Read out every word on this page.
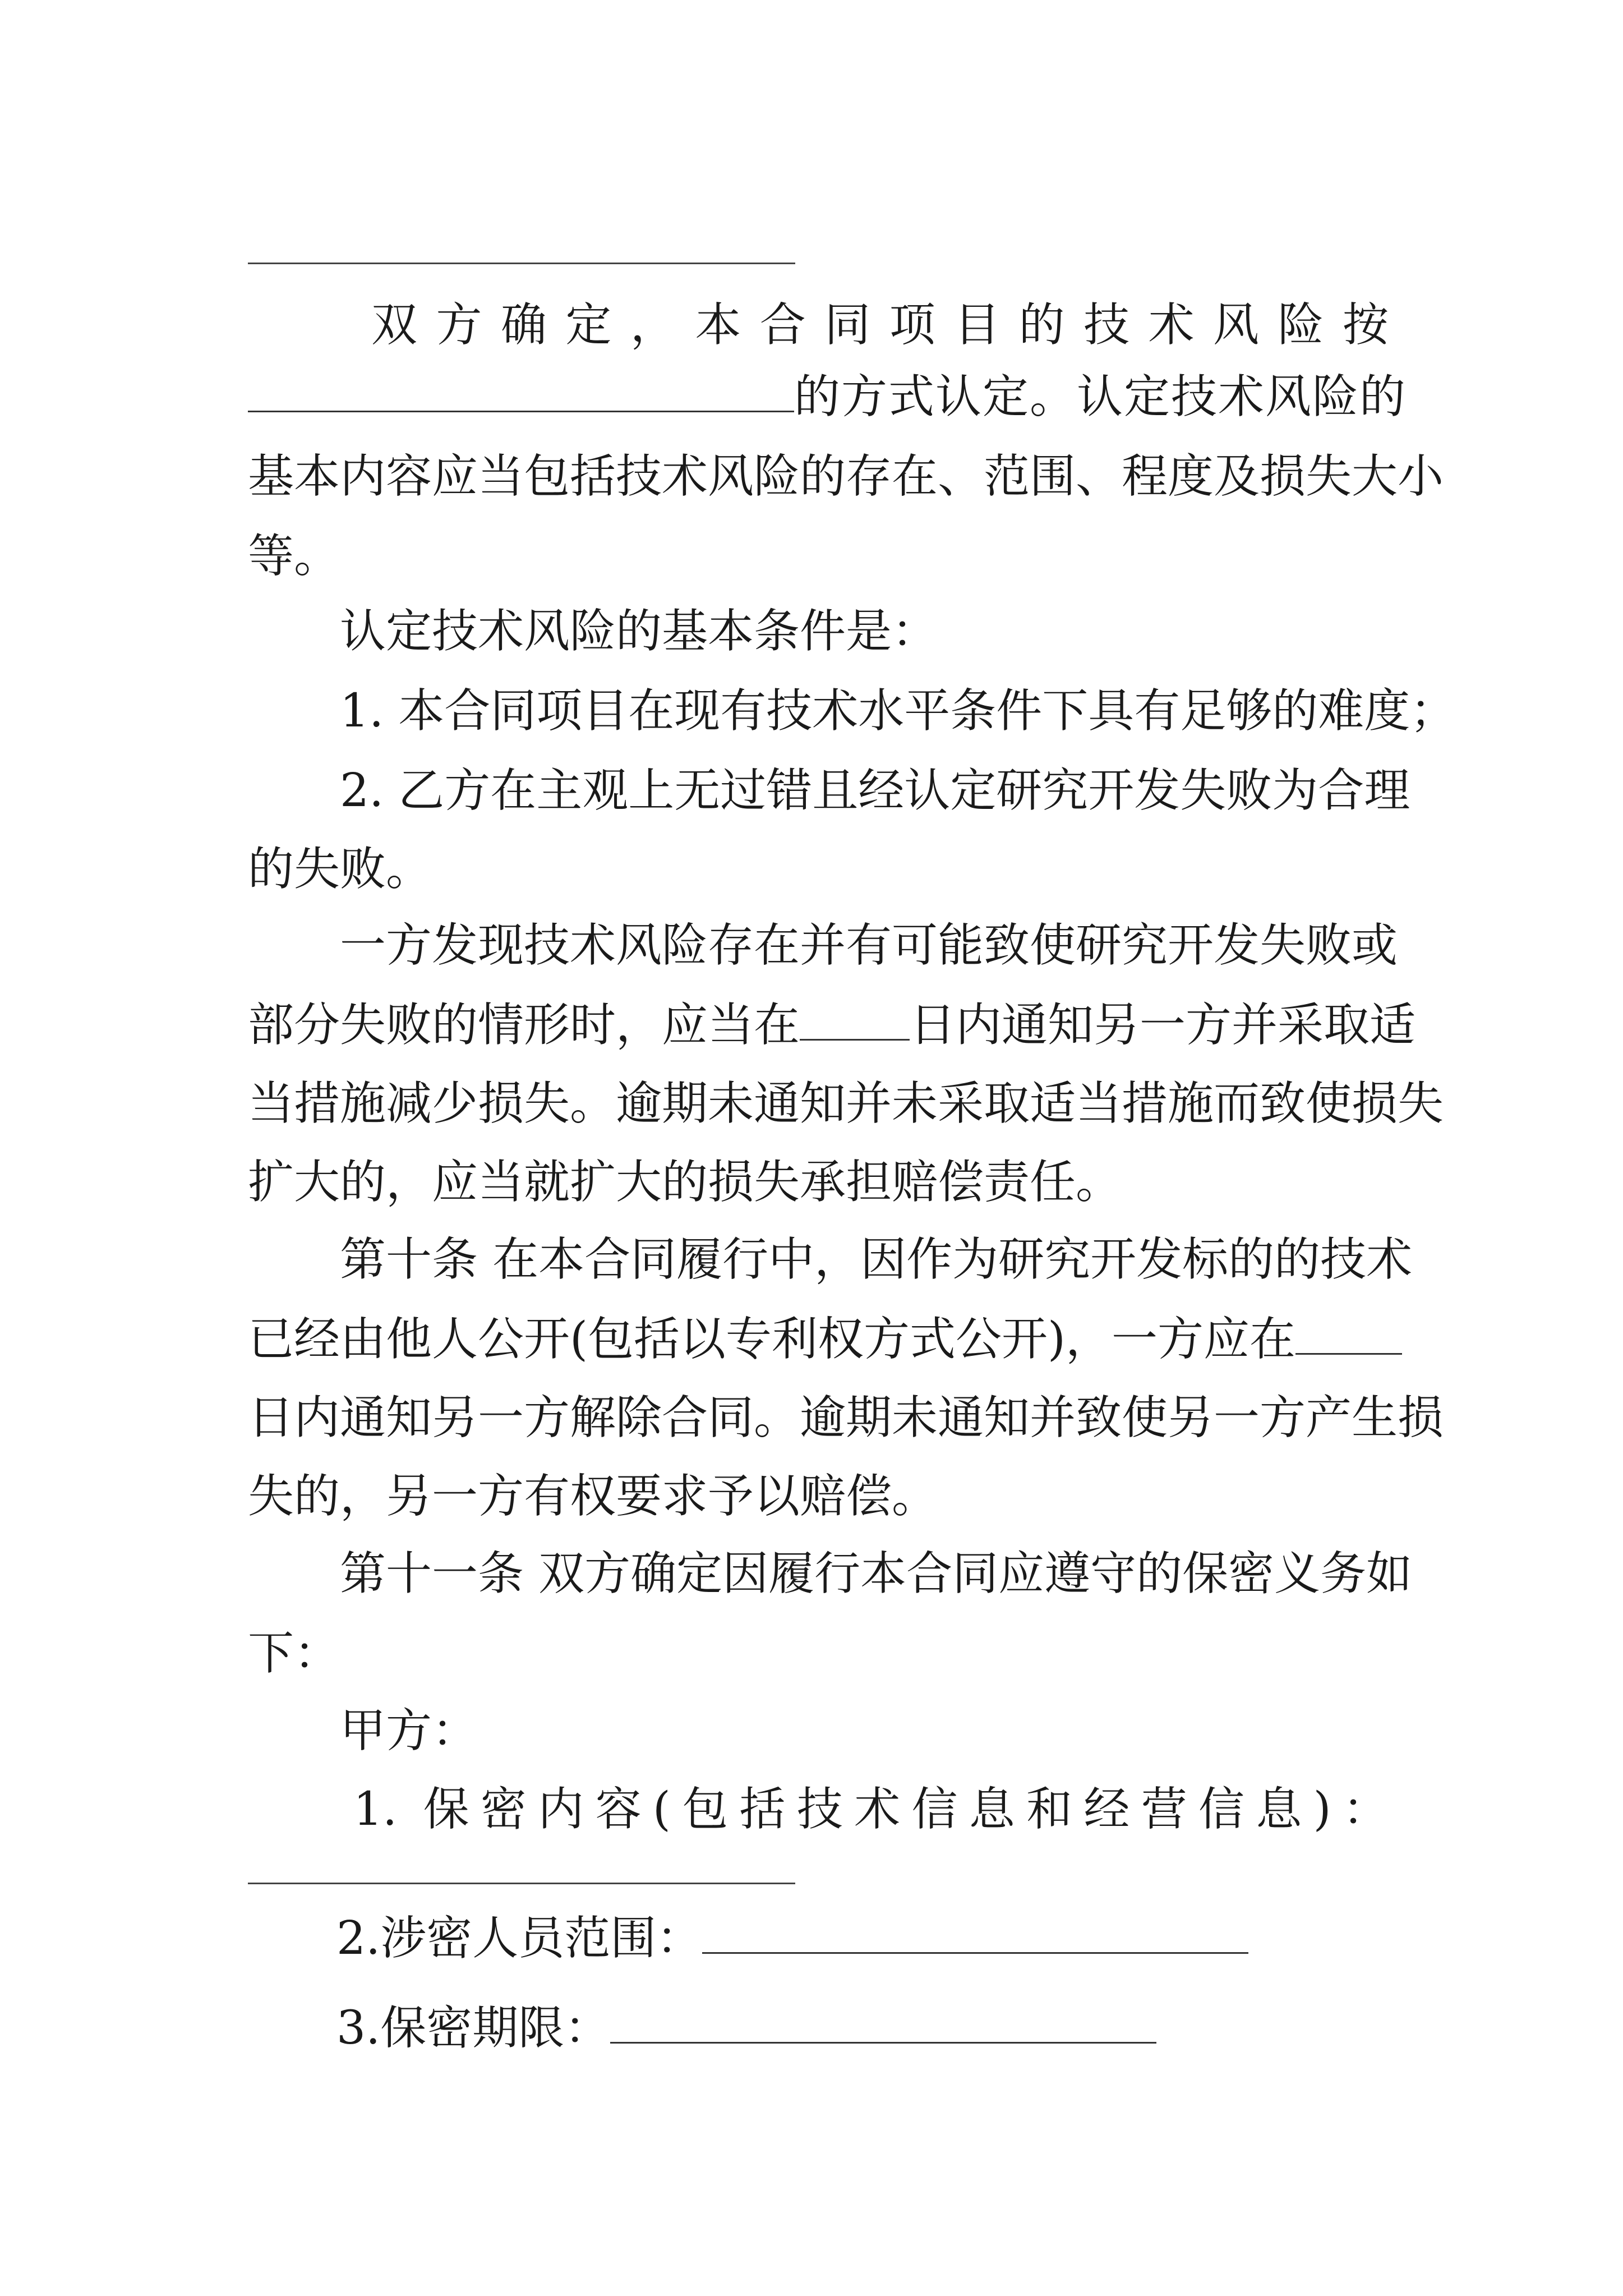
双方确定，本合同项目的技术风险按
的方式认定。认定技术风险的
基本内容应当包括技术风险的存在、范围、程度及损失大小
等。
认定技术风险的基本条件是：
1. 本合同项目在现有技术水平条件下具有足够的难度；
2. 乙方在主观上无过错且经认定研究开发失败为合理
的失败。
一方发现技术风险存在并有可能致使研究开发失败或
部分失败的情形时，应当在 日内通知另一方并采取适
当措施减少损失。逾期未通知并未采取适当措施而致使损失
扩大的，应当就扩大的损失承担赔偿责任。
第十条 在本合同履行中，因作为研究开发标的的技术
已经由他人公开(包括以专利权方式公开)，一方应在
日内通知另一方解除合同。逾期未通知并致使另一方产生损
失的，另一方有权要求予以赔偿。
第十一条 双方确定因履行本合同应遵守的保密义务如
下：
甲方：
1. 保密内容(包括技术信息和经营信息)：
2.涉密人员范围：
3.保密期限：
